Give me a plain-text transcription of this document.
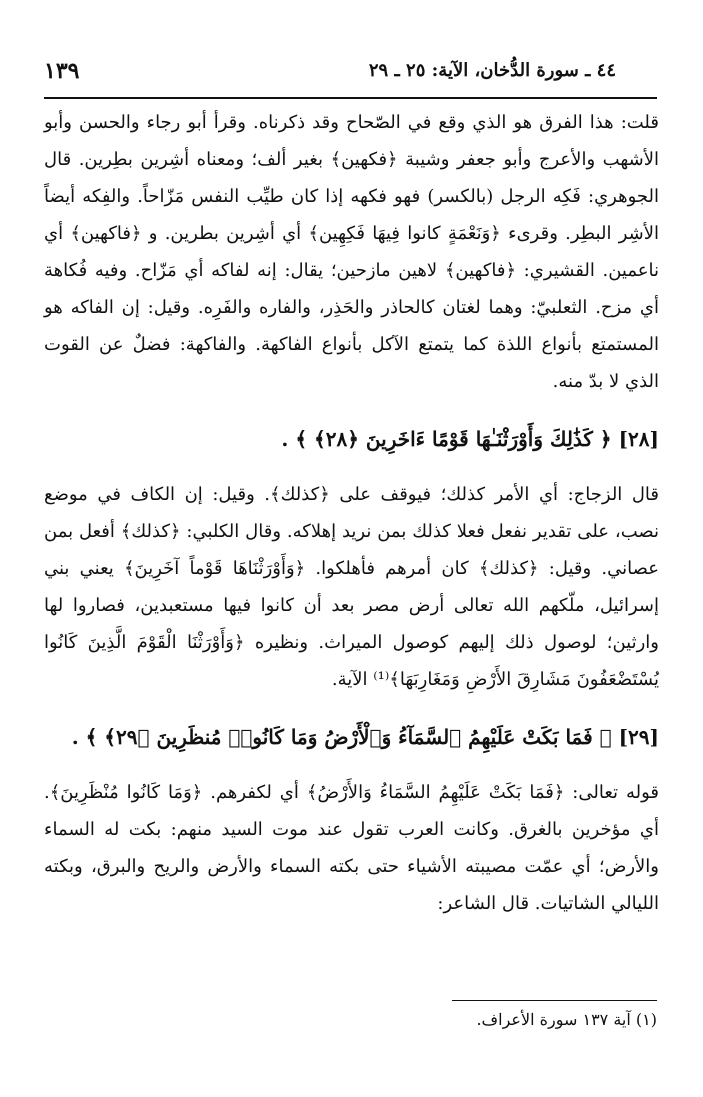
١٣٩	٤٤ ـ سورة الدُّخان، الآية: ٢٥ ـ ٢٩

قلت: هذا الفرق هو الذي وقع في الصّحاح وقد ذكرناه. وقرأ أبو رجاء والحسن وأبو الأشهب والأعرج وأبو جعفر وشيبة ﴿فكهين﴾ بغير ألف؛ ومعناه أشِرين بطِرين. قال الجوهري: فَكِه الرجل (بالكسر) فهو فكهه إذا كان طيِّب النفس مَزّاحاً. والفِكه أيضاً الأشِر البطِر. وقرىء ﴿وَنَعْمَةٍ كانوا فِيهَا فَكِهِين﴾ أي أشِرين بطرين. و ﴿فاكهين﴾ أي ناعمين. القشيري: ﴿فاكهين﴾ لاهين مازحين؛ يقال: إنه لفاكه أي مَزّاح. وفيه فُكاهة أي مزح. الثعلبيّ: وهما لغتان كالحاذر والحَذِر، والفاره والفَرِه. وقيل: إن الفاكه هو المستمتع بأنواع اللذة كما يتمتع الآكل بأنواع الفاكهة. والفاكهة: فضلٌ عن القوت الذي لا بدّ منه.

[٢٨] ﴿ كَذَٰلِكَ وَأَوْرَثْنَـٰهَا قَوْمًا ءَاخَرِينَ ﴿٢٨﴾ ﴾ .

قال الزجاج: أي الأمر كذلك؛ فيوقف على ﴿كذلك﴾. وقيل: إن الكاف في موضع نصب، على تقدير نفعل فعلا كذلك بمن نريد إهلاكه. وقال الكلبي: ﴿كذلك﴾ أفعل بمن عصاني. وقيل: ﴿كذلك﴾ كان أمرهم فأهلكوا. ﴿وَأَوْرَثْنَاهَا قَوْماً آخَرِينَ﴾ يعني بني إسرائيل، ملّكهم الله تعالى أرض مصر بعد أن كانوا فيها مستعبدين، فصاروا لها وارثين؛ لوصول ذلك إليهم كوصول الميراث. ونظيره ﴿وَأَوْرَثْنَا الْقَوْمَ الَّذِينَ كَانُوا يُسْتَضْعَفُونَ مَشَارِقَ الأَرْضِ وَمَغَارِبَهَا﴾⁽¹⁾ الآية.

[٢٩] ﴿ فَمَا بَكَتْ عَلَيْهِمُ ٱلسَّمَآءُ وَٱلْأَرْضُ وَمَا كَانُوا۟ مُنظَرِينَ ﴿٢٩﴾ ﴾ .

قوله تعالى: ﴿فَمَا بَكَتْ عَلَيْهِمُ السَّمَاءُ وَالأَرْضُ﴾ أي لكفرهم. ﴿وَمَا كَانُوا مُنْظَرِينَ﴾. أي مؤخرين بالغرق. وكانت العرب تقول عند موت السيد منهم: بكت له السماء والأرض؛ أي عمّت مصيبته الأشياء حتى بكته السماء والأرض والريح والبرق، وبكته الليالي الشاتيات. قال الشاعر:

(١) آية ١٣٧ سورة الأعراف.
